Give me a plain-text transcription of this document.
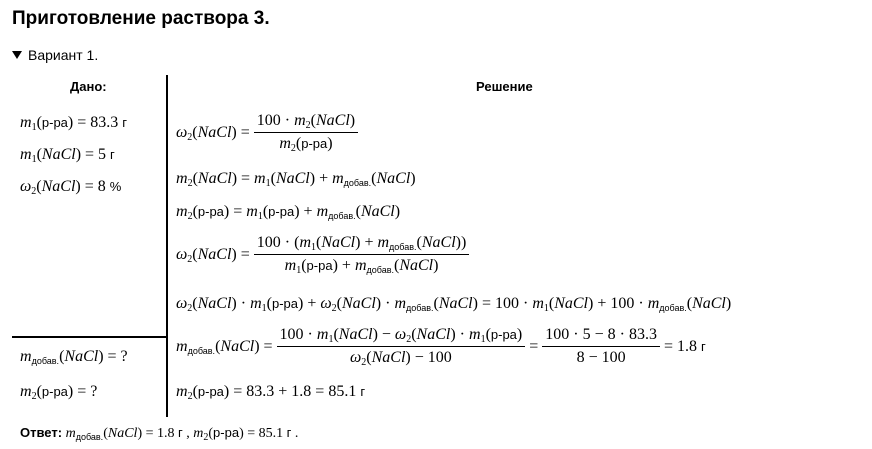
Приготовление раствора 3.
Вариант 1.
Дано:	Решение
$m_1(р-ра) = 83.3$ г
$m_1(NaCl) = 5$ г
$\omega_2(NaCl) = 8$ %
$m_{добав.}(NaCl)$ = ?
$m_2(р-ра)$ = ?
$\omega_2(NaCl) = \frac{100 \cdot m_2(NaCl)}{m_2(р-ра)}$
$m_2(NaCl)$ = $m_1(NaCl)$ + $m_{добав.}(NaCl)$
$m_2(р-ра) = m_1(р-ра)$ + $m_{добав.}(NaCl)$
$\omega_2(NaCl) = \frac{100 \cdot (m_1(NaCl) + m_{добав.}(NaCl))}{m_1(р-ра) + m_{добав.}(NaCl)}$
$\omega_2(NaCl) \cdot m_1(р-ра)$ + $\omega_2(NaCl)$ · $m_{добав.}(NaCl) = 100$ · $m_1(NaCl) + 100$ · $m_{добав.}(NaCl)$
$m_{добав.}(NaCl) = \frac{100 \cdot m_1(NaCl) - \omega_2(NaCl) \cdot m_1(р-ра)}{\omega_2(NaCl) - 100} = \frac{100 \cdot 5 - 8 \cdot 83.3}{8 - 100} = 1.8$ г
$m_2(р-ра) = 83.3 + 1.8 = 85.1$ г
Ответ: $m_{добав.}(NaCl) = 1.8$ г , $m_2(р-ра) = 85.1$ г .
